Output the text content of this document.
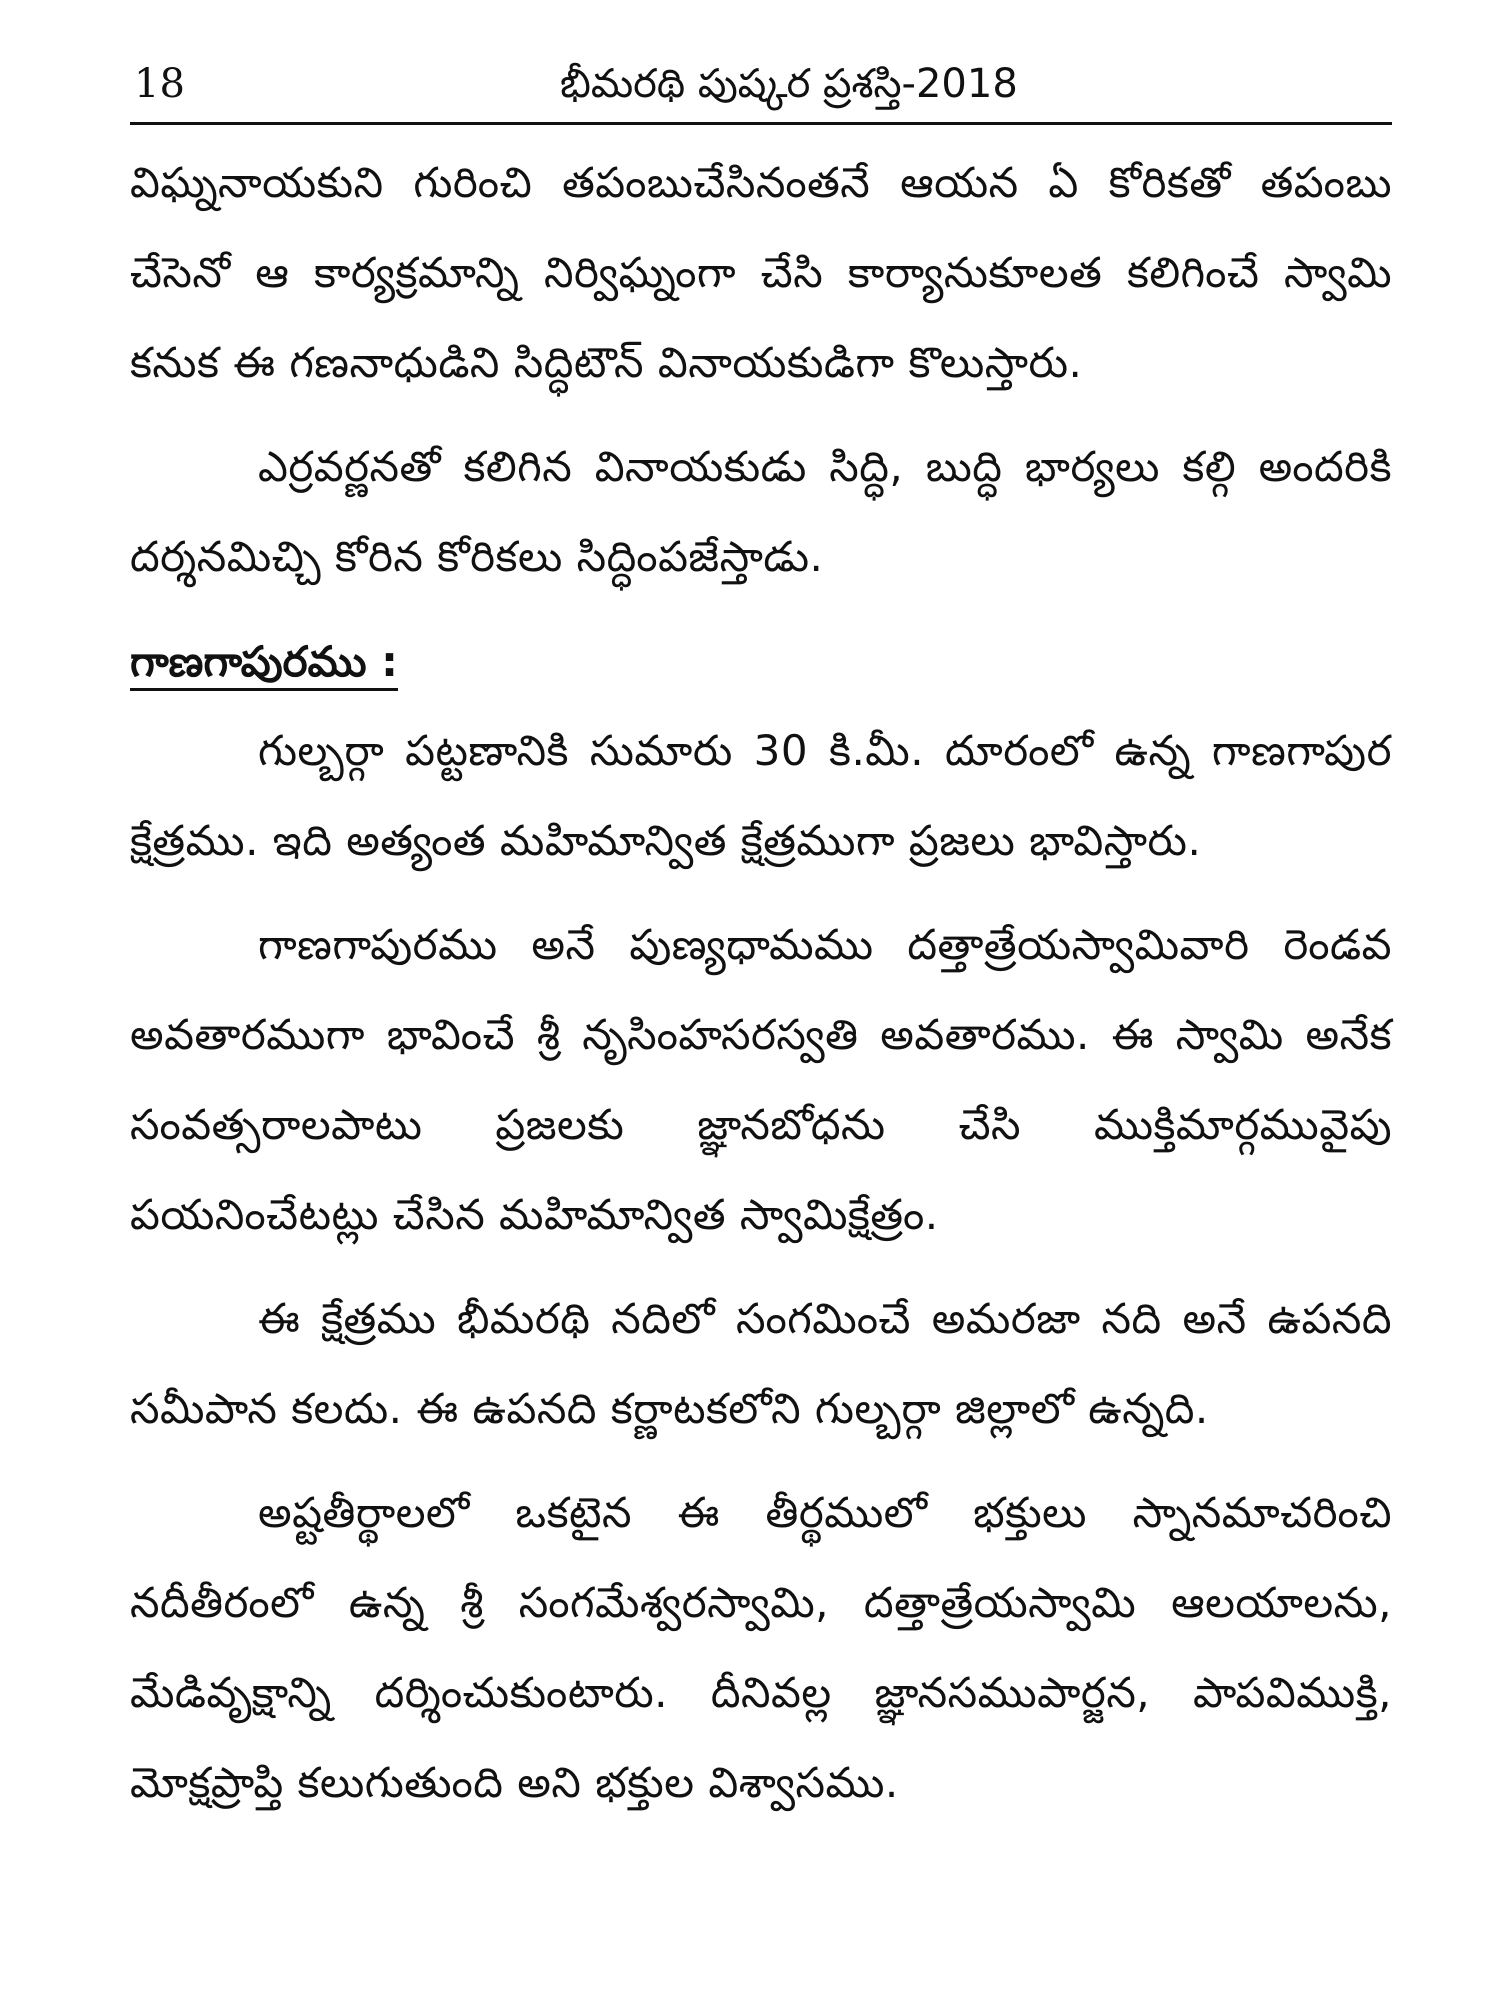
18	భీమరథి పుష్కర ప్రశస్తి-2018

విఘ్ననాయకుని గురించి తపంబుచేసినంతనే ఆయన ఏ కోరికతో తపంబు చేసెనో ఆ కార్యక్రమాన్ని నిర్విఘ్నంగా చేసి కార్యానుకూలత కలిగించే స్వామి కనుక ఈ గణనాధుడిని సిద్ధిటౌన్ వినాయకుడిగా కొలుస్తారు.

ఎర్రవర్ణనతో కలిగిన వినాయకుడు సిద్ధి, బుద్ధి భార్యలు కల్గి అందరికి దర్శనమిచ్చి కోరిన కోరికలు సిద్ధింపజేస్తాడు.

గాణగాపురము :

గుల్బర్గా పట్టణానికి సుమారు 30 కి.మీ. దూరంలో ఉన్న గాణగాపుర క్షేత్రము. ఇది అత్యంత మహిమాన్విత క్షేత్రముగా ప్రజలు భావిస్తారు.

గాణగాపురము అనే పుణ్యధామము దత్తాత్రేయస్వామివారి రెండవ అవతారముగా భావించే శ్రీ నృసింహసరస్వతి అవతారము. ఈ స్వామి అనేక సంవత్సరాలపాటు ప్రజలకు జ్ఞానబోధను చేసి ముక్తిమార్గమువైపు పయనించేటట్లు చేసిన మహిమాన్విత స్వామిక్షేత్రం.

ఈ క్షేత్రము భీమరథి నదిలో సంగమించే అమరజా నది అనే ఉపనది సమీపాన కలదు. ఈ ఉపనది కర్ణాటకలోని గుల్బర్గా జిల్లాలో ఉన్నది.

అష్టతీర్థాలలో ఒకటైన ఈ తీర్థములో భక్తులు స్నానమాచరించి నదీతీరంలో ఉన్న శ్రీ సంగమేశ్వరస్వామి, దత్తాత్రేయస్వామి ఆలయాలను, మేడివృక్షాన్ని దర్శించుకుంటారు. దీనివల్ల జ్ఞానసముపార్జన, పాపవిముక్తి, మోక్షప్రాప్తి కలుగుతుంది అని భక్తుల విశ్వాసము.
